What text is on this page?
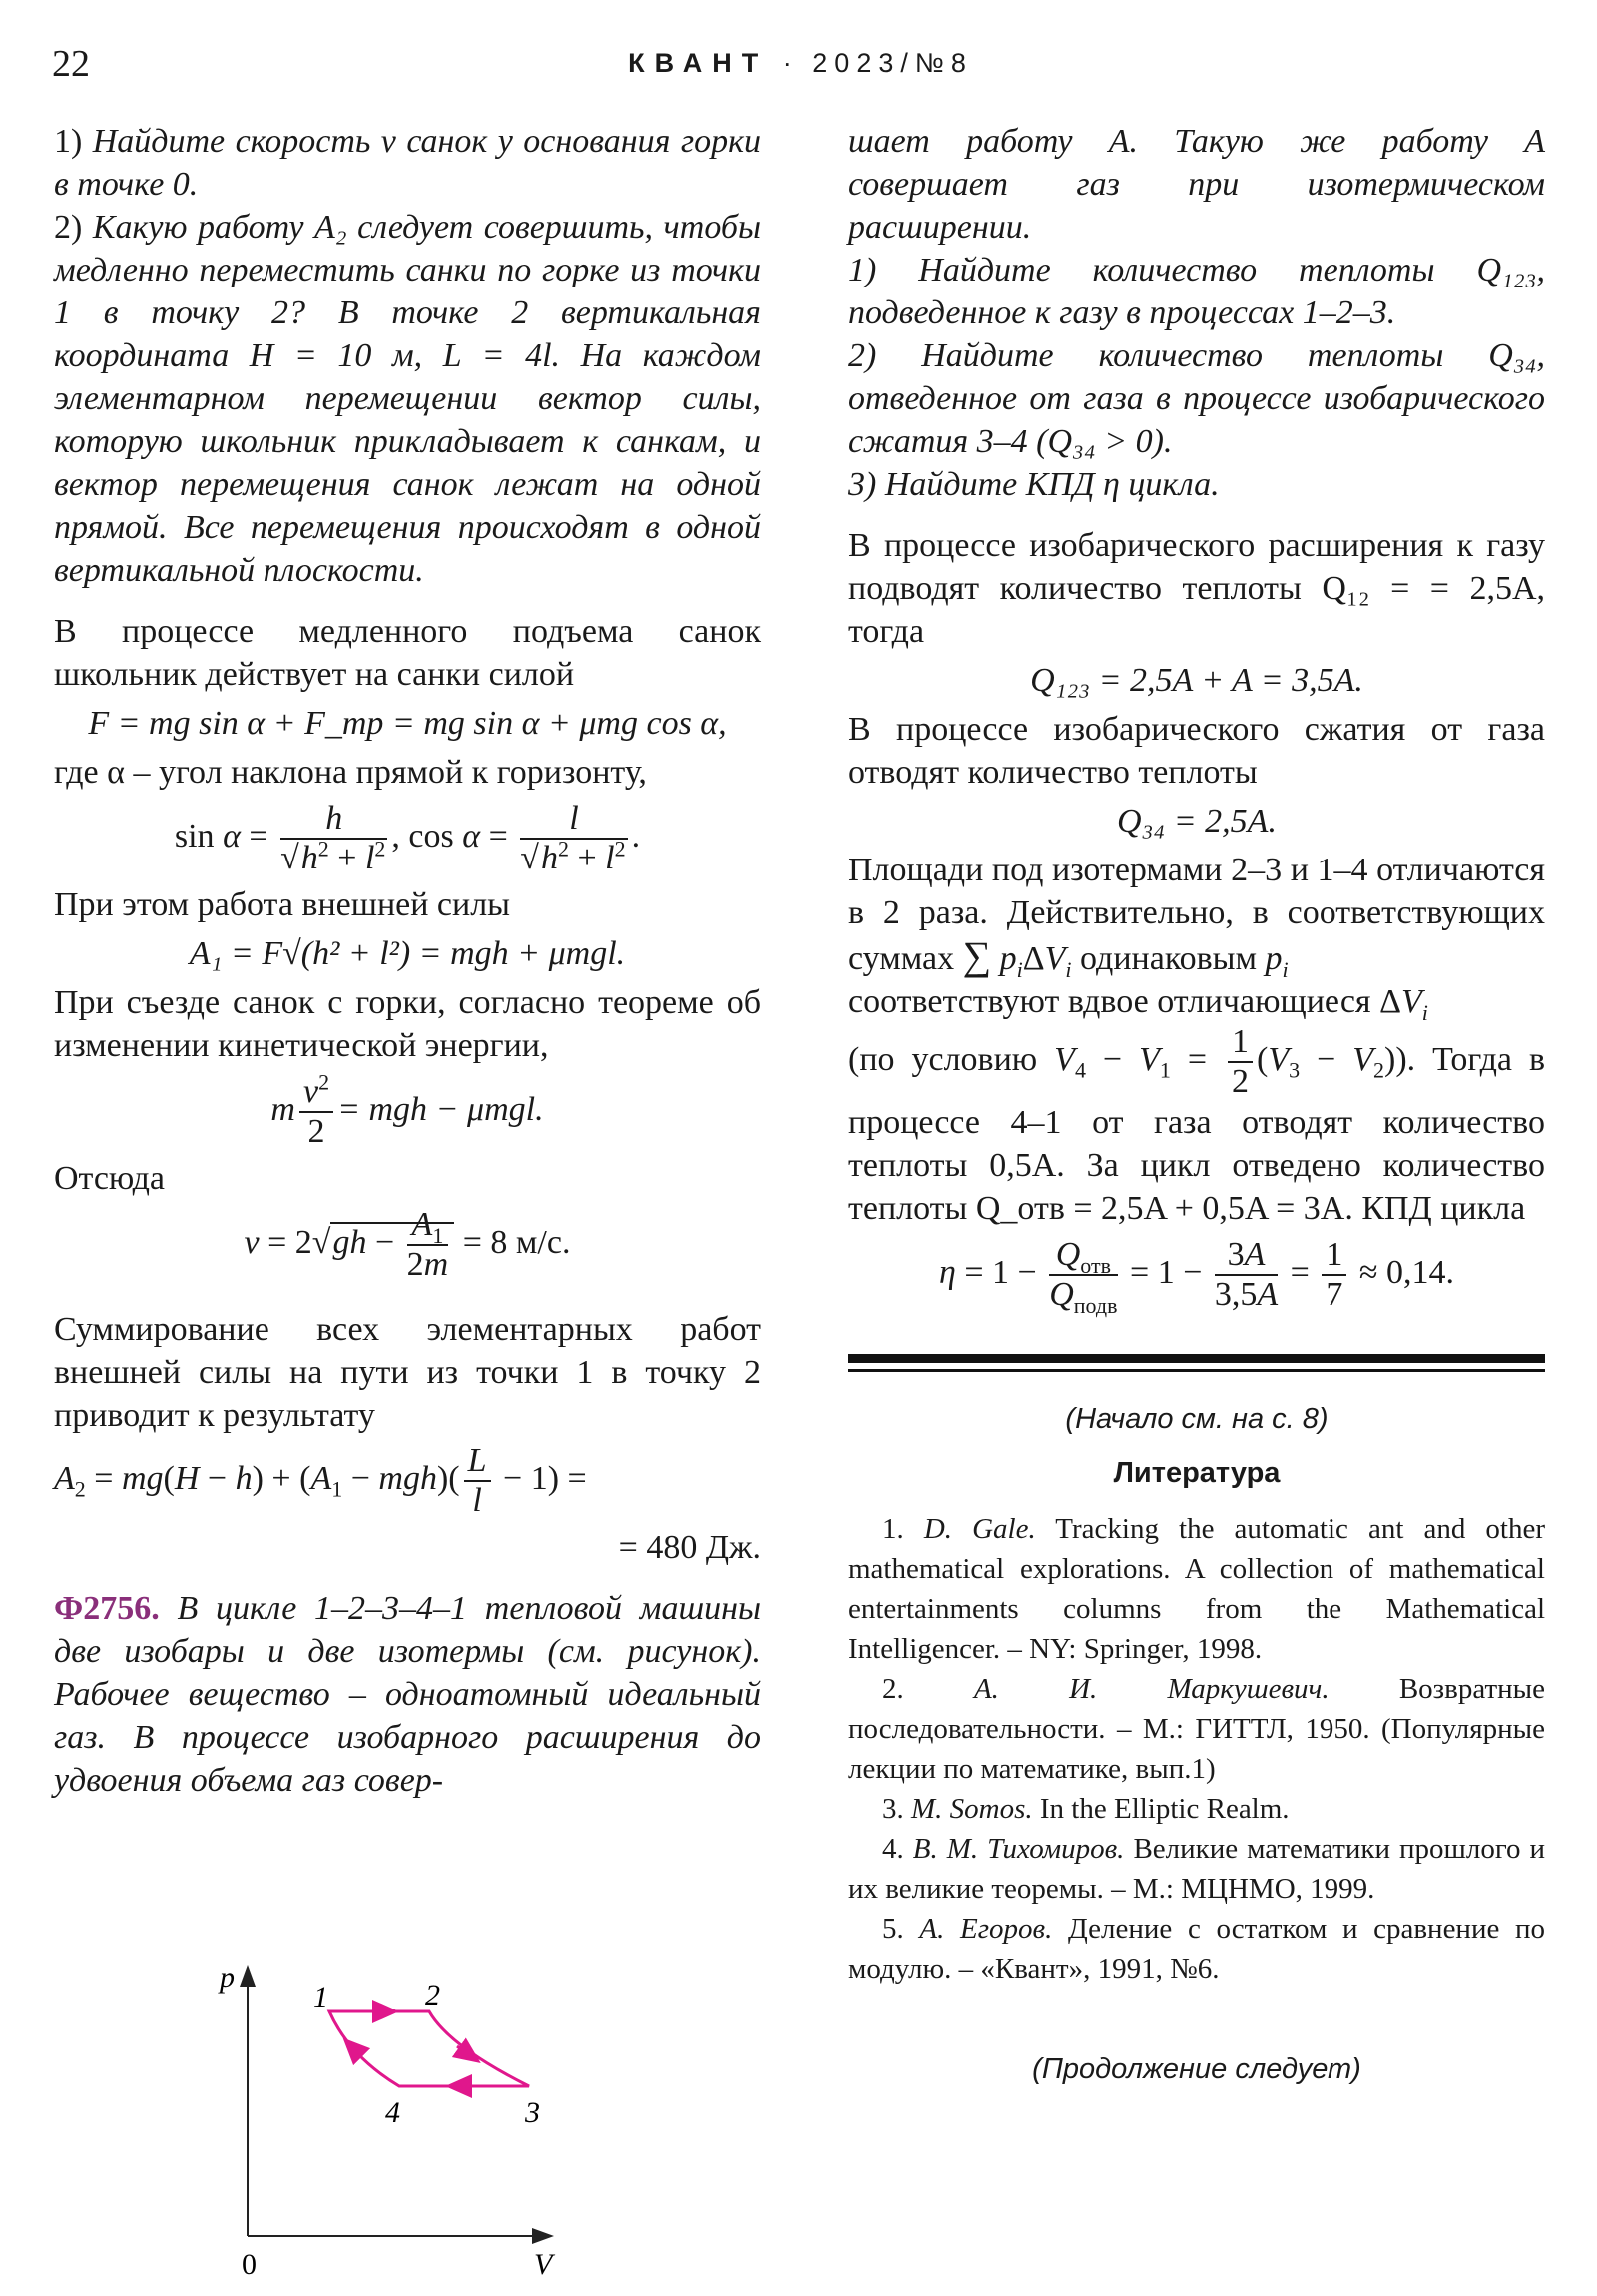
22	КВАНТ · 2023/№8

1) Найдите скорость v санок у основания горки в точке 0.

2) Какую работу A₂ следует совершить, чтобы медленно переместить санки по горке из точки 1 в точку 2? В точке 2 вертикальная координата H = 10 м, L = 4l. На каждом элементарном перемещении вектор силы, которую школьник прикладывает к санкам, и вектор перемещения санок лежат на одной прямой. Все перемещения происходят в одной вертикальной плоскости.

В процессе медленного подъема санок школьник действует на санки силой

F = mg sin α + F_тр = mg sin α + μmg cos α,

где α – угол наклона прямой к горизонту,

$\sin \alpha = \frac{h}{√h^2 + l^2}$ , $\cos \alpha = \frac{l}{√h^2 + l^2}$ .

При этом работа внешней силы

A₁ = F√(h² + l²) = mgh + μmgl.

При съезде санок с горки, согласно теореме об изменении кинетической энергии,

m $\frac{v^2}{2}$ = mgh − μmgl.

Отсюда

$v = 2√gh - \frac{A_1}{2m} = 8$ м/с.

Суммирование всех элементарных работ внешней силы на пути из точки 1 в точку 2 приводит к результату

$A_2 = mg(H - h) + (A_1 - mgh)( \frac{L}{l} - 1)$ =

= 480 Дж.

Ф2756. В цикле 1–2–3–4–1 тепловой машины две изобары и две изотермы (см. рисунок). Рабочее вещество – одноатомный идеальный газ. В процессе изобарного расширения до удвоения объема газ совер-

p
V
0
1	2
3
4

шает работу A. Такую же работу A совершает газ при изотермическом расширении.

1) Найдите количество теплоты Q₁₂₃, подведенное к газу в процессах 1–2–3.

2) Найдите количество теплоты Q₃₄, отведенное от газа в процессе изобарического сжатия 3–4 (Q₃₄ > 0).

3) Найдите КПД η цикла.

В процессе изобарического расширения к газу подводят количество теплоты Q₁₂ = = 2,5A, тогда

Q₁₂₃ = 2,5A + A = 3,5A.

В процессе изобарического сжатия от газа отводят количество теплоты

Q₃₄ = 2,5A.

Площади под изотермами 2–3 и 1–4 отличаются в 2 раза. Действительно, в соответствующих суммах ∑ $p_i\Delta V_i$ одинаковым $p_i$

соответствуют вдвое отличающиеся $\Delta V_i$

(по условию $V_4 - V_1 = \frac{1}{2} (V_3 - V_2)$). Тогда в процессе 4–1 от газа отводят количество теплоты 0,5A. За цикл отведено количество теплоты Q_отв = 2,5A + 0,5A = 3A. КПД цикла

$\eta = 1 - Q_{отв}$
$Q_{подв}$
= $1 - \frac{3A}{3,5A} = \frac{1}{7} \approx 0,14$.

(Начало см. на с. 8)

Литература

1. D. Gale. Tracking the automatic ant and other mathematical explorations. A collection of mathematical entertainments columns from the Mathematical Intelligencer. – NY: Springer, 1998.

2. А. И. Маркушевич. Возвратные последовательности. – М.: ГИТТЛ, 1950. (Популярные лекции по математике, вып.1)

3. M. Somos. In the Elliptic Realm.

4. В. М. Тихомиров. Великие математики прошлого и их великие теоремы. – М.: МЦНМО, 1999.

5. А. Егоров. Деление с остатком и сравнение по модулю. – «Квант», 1991, №6.

(Продолжение следует)
